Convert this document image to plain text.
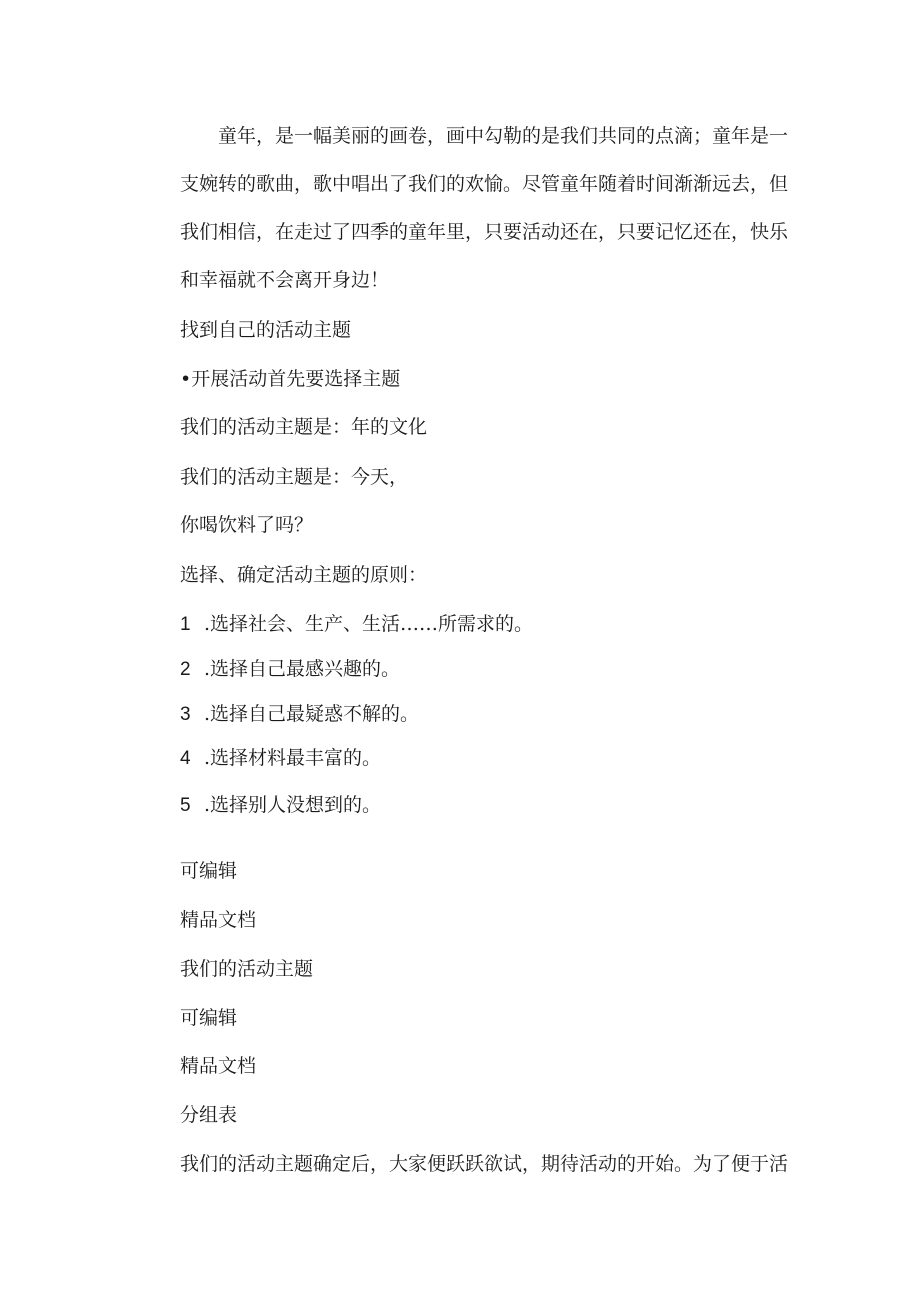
童年，是一幅美丽的画卷，画中勾勒的是我们共同的点滴；童年是一支婉转的歌曲，歌中唱出了我们的欢愉。尽管童年随着时间渐渐远去，但我们相信，在走过了四季的童年里，只要活动还在，只要记忆还在，快乐和幸福就不会离开身边！

找到自己的活动主题

•开展活动首先要选择主题

我们的活动主题是：年的文化

我们的活动主题是：今天，

你喝饮料了吗？

选择、确定活动主题的原则：

1 .选择社会、生产、生活……所需求的。

2 .选择自己最感兴趣的。

3 .选择自己最疑惑不解的。

4 .选择材料最丰富的。

5 .选择别人没想到的。

可编辑

精品文档

我们的活动主题

可编辑

精品文档

分组表

我们的活动主题确定后，大家便跃跃欲试，期待活动的开始。为了便于活
